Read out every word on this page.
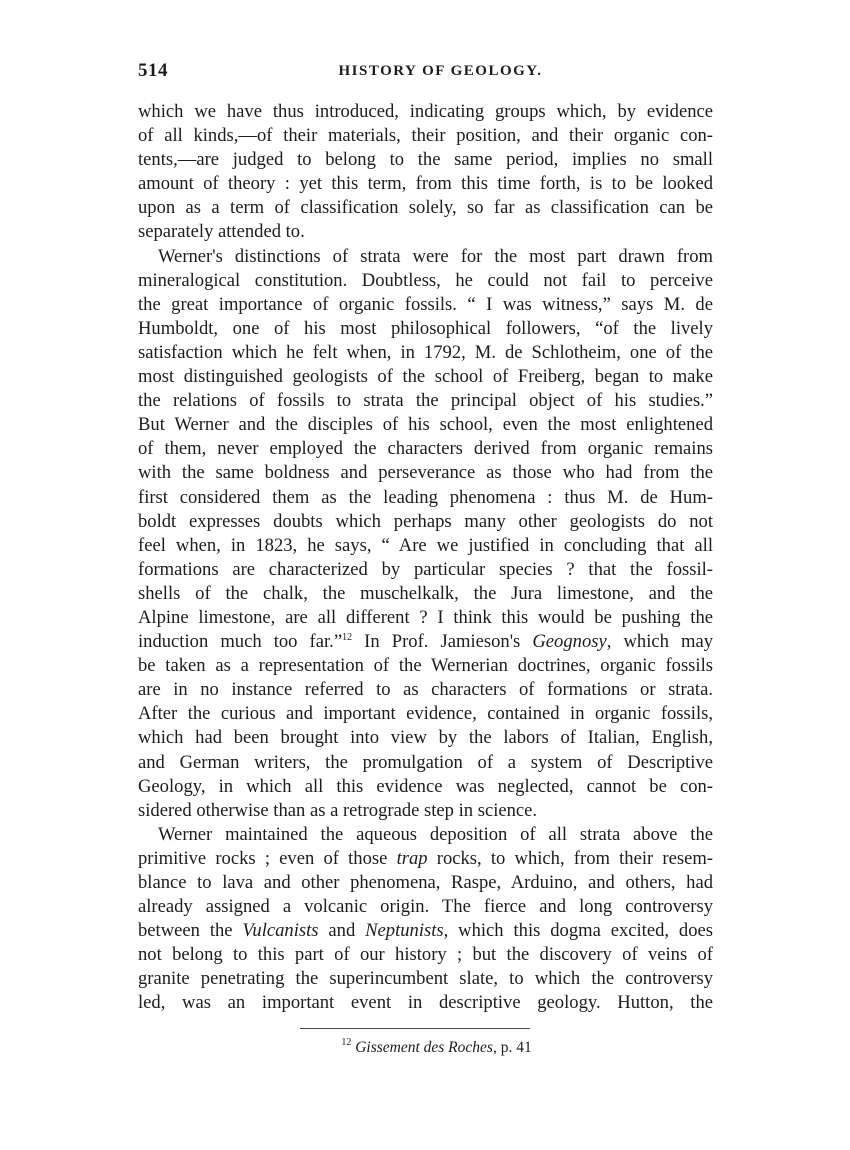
514	HISTORY OF GEOLOGY.

which we have thus introduced, indicating groups which, by evidence
of all kinds,—of their materials, their position, and their organic con-
tents,—are judged to belong to the same period, implies no small
amount of theory : yet this term, from this time forth, is to be looked
upon as a term of classification solely, so far as classification can be
separately attended to.

Werner's distinctions of strata were for the most part drawn from
mineralogical constitution. Doubtless, he could not fail to perceive
the great importance of organic fossils. “ I was witness,” says M. de
Humboldt, one of his most philosophical followers, “of the lively
satisfaction which he felt when, in 1792, M. de Schlotheim, one of the
most distinguished geologists of the school of Freiberg, began to make
the relations of fossils to strata the principal object of his studies.”
But Werner and the disciples of his school, even the most enlightened
of them, never employed the characters derived from organic remains
with the same boldness and perseverance as those who had from the
first considered them as the leading phenomena : thus M. de Hum-
boldt expresses doubts which perhaps many other geologists do not
feel when, in 1823, he says, “ Are we justified in concluding that all
formations are characterized by particular species ? that the fossil-
shells of the chalk, the muschelkalk, the Jura limestone, and the
Alpine limestone, are all different ? I think this would be pushing the
induction much too far.”$^{12}$ In Prof. Jamieson's Geognosy, which may
be taken as a representation of the Wernerian doctrines, organic fossils
are in no instance referred to as characters of formations or strata.
After the curious and important evidence, contained in organic fossils,
which had been brought into view by the labors of Italian, English,
and German writers, the promulgation of a system of Descriptive
Geology, in which all this evidence was neglected, cannot be con-
sidered otherwise than as a retrograde step in science.

Werner maintained the aqueous deposition of all strata above the
primitive rocks ; even of those trap rocks, to which, from their resem-
blance to lava and other phenomena, Raspe, Arduino, and others, had
already assigned a volcanic origin. The fierce and long controversy
between the Vulcanists and Neptunists, which this dogma excited, does
not belong to this part of our history ; but the discovery of veins of
granite penetrating the superincumbent slate, to which the controversy
led, was an important event in descriptive geology. Hutton, the

$^{12}$ Gissement des Roches, p. 41
